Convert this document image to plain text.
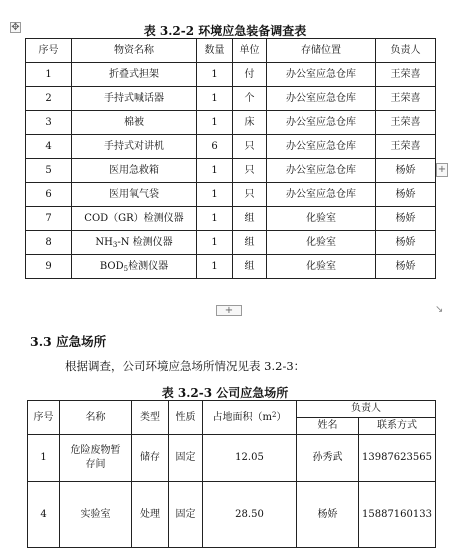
✥	表 3.2-2 环境应急装备调查表
序号	物资名称	数量	单位	存储位置	负责人
1	折叠式担架	1	付	办公室应急仓库	王荣喜
2	手持式喊话器	1	个	办公室应急仓库	王荣喜
3	棉被	1	床	办公室应急仓库	王荣喜
4	手持式对讲机	6	只	办公室应急仓库	王荣喜
5	医用急救箱	1	只	办公室应急仓库	杨娇
6	医用氧气袋	1	只	办公室应急仓库	杨娇
7	COD（GR）检测仪器	1	组	化验室	杨娇
8	$NH_3-N$ 检测仪器	1	组	化验室	杨娇
9	$BOD_5$检测仪器	1	组	化验室	杨娇
+
+	↘
3.3 应急场所
根据调查，公司环境应急场所情况见表 3.2-3：
表 3.2-3 公司应急场所
序号	名称	类型	性质	占地面积$(m^2)$	负责人	
					姓名	联系方式
1	危险废物暂存间	储存	固定	12.05	孙秀武	13987623565
4	实验室	处理	固定	28.50	杨娇	15887160133
